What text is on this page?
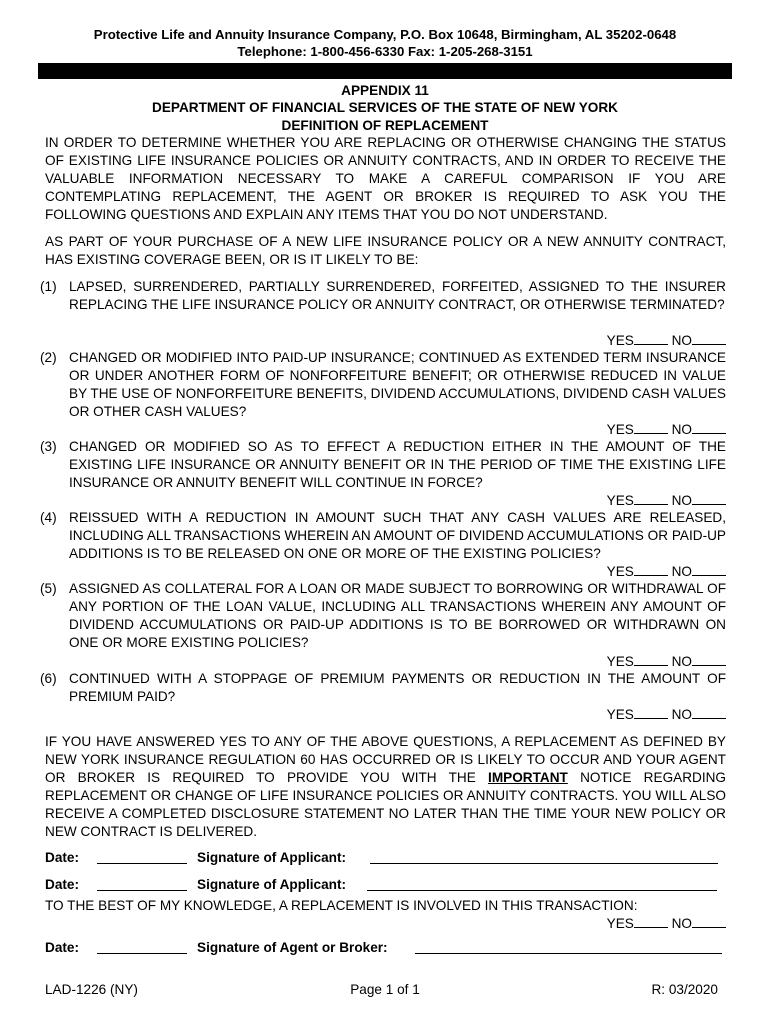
Protective Life and Annuity Insurance Company, P.O. Box 10648, Birmingham, AL 35202-0648
Telephone: 1-800-456-6330 Fax: 1-205-268-3151
APPENDIX 11
DEPARTMENT OF FINANCIAL SERVICES OF THE STATE OF NEW YORK
DEFINITION OF REPLACEMENT
IN ORDER TO DETERMINE WHETHER YOU ARE REPLACING OR OTHERWISE CHANGING THE STATUS OF EXISTING LIFE INSURANCE POLICIES OR ANNUITY CONTRACTS, AND IN ORDER TO RECEIVE THE VALUABLE INFORMATION NECESSARY TO MAKE A CAREFUL COMPARISON IF YOU ARE CONTEMPLATING REPLACEMENT, THE AGENT OR BROKER IS REQUIRED TO ASK YOU THE FOLLOWING QUESTIONS AND EXPLAIN ANY ITEMS THAT YOU DO NOT UNDERSTAND.
AS PART OF YOUR PURCHASE OF A NEW LIFE INSURANCE POLICY OR A NEW ANNUITY CONTRACT, HAS EXISTING COVERAGE BEEN, OR IS IT LIKELY TO BE:
(1) LAPSED, SURRENDERED, PARTIALLY SURRENDERED, FORFEITED, ASSIGNED TO THE INSURER REPLACING THE LIFE INSURANCE POLICY OR ANNUITY CONTRACT, OR OTHERWISE TERMINATED?
YES	NO
(2) CHANGED OR MODIFIED INTO PAID-UP INSURANCE; CONTINUED AS EXTENDED TERM INSURANCE OR UNDER ANOTHER FORM OF NONFORFEITURE BENEFIT; OR OTHERWISE REDUCED IN VALUE BY THE USE OF NONFORFEITURE BENEFITS, DIVIDEND ACCUMULATIONS, DIVIDEND CASH VALUES OR OTHER CASH VALUES?
YES	NO
(3) CHANGED OR MODIFIED SO AS TO EFFECT A REDUCTION EITHER IN THE AMOUNT OF THE EXISTING LIFE INSURANCE OR ANNUITY BENEFIT OR IN THE PERIOD OF TIME THE EXISTING LIFE INSURANCE OR ANNUITY BENEFIT WILL CONTINUE IN FORCE?
YES	NO
(4) REISSUED WITH A REDUCTION IN AMOUNT SUCH THAT ANY CASH VALUES ARE RELEASED, INCLUDING ALL TRANSACTIONS WHEREIN AN AMOUNT OF DIVIDEND ACCUMULATIONS OR PAID-UP ADDITIONS IS TO BE RELEASED ON ONE OR MORE OF THE EXISTING POLICIES?
YES	NO
(5) ASSIGNED AS COLLATERAL FOR A LOAN OR MADE SUBJECT TO BORROWING OR WITHDRAWAL OF ANY PORTION OF THE LOAN VALUE, INCLUDING ALL TRANSACTIONS WHEREIN ANY AMOUNT OF DIVIDEND ACCUMULATIONS OR PAID-UP ADDITIONS IS TO BE BORROWED OR WITHDRAWN ON ONE OR MORE EXISTING POLICIES?
YES	NO
(6) CONTINUED WITH A STOPPAGE OF PREMIUM PAYMENTS OR REDUCTION IN THE AMOUNT OF PREMIUM PAID?
YES	NO
IF YOU HAVE ANSWERED YES TO ANY OF THE ABOVE QUESTIONS, A REPLACEMENT AS DEFINED BY NEW YORK INSURANCE REGULATION 60 HAS OCCURRED OR IS LIKELY TO OCCUR AND YOUR AGENT OR BROKER IS REQUIRED TO PROVIDE YOU WITH THE IMPORTANT NOTICE REGARDING REPLACEMENT OR CHANGE OF LIFE INSURANCE POLICIES OR ANNUITY CONTRACTS. YOU WILL ALSO RECEIVE A COMPLETED DISCLOSURE STATEMENT NO LATER THAN THE TIME YOUR NEW POLICY OR NEW CONTRACT IS DELIVERED.
Date:	Signature of Applicant:
Date:	Signature of Applicant:
TO THE BEST OF MY KNOWLEDGE, A REPLACEMENT IS INVOLVED IN THIS TRANSACTION:
YES	NO
Date:	Signature of Agent or Broker:
LAD-1226 (NY)	Page 1 of 1	R: 03/2020
